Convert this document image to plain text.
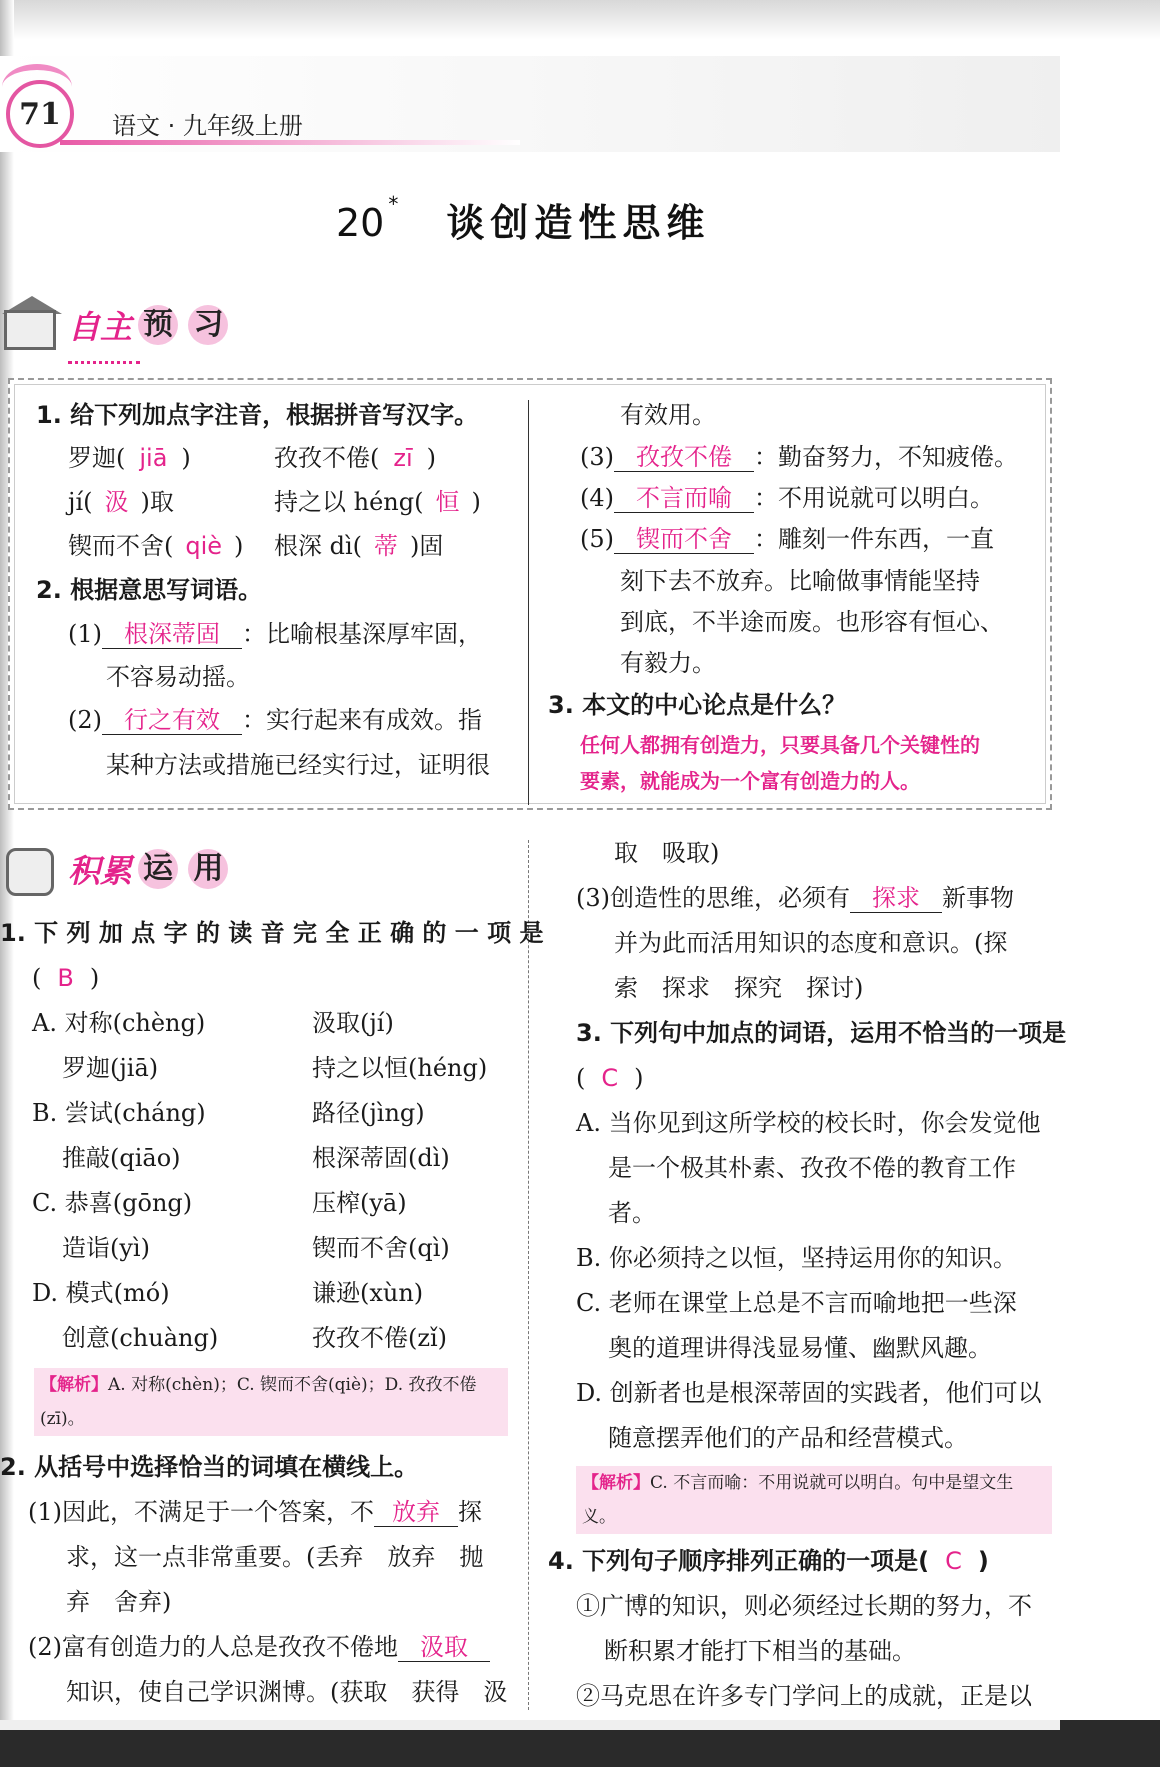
71	语文 · 九年级上册
20 * 谈创造性思维
自主 预 习
1. 给下列加点字注音，根据拼音写汉字。
罗迦( jiā )	孜孜不倦( zī )
jí( 汲 )取	持之以 héng( 恒 )
锲而不舍( qiè ) 根深 dì( 蒂 )固
2. 根据意思写词语。
(1) 根深蒂固 ：比喻根基深厚牢固，
不容易动摇。
(2) 行之有效 ：实行起来有成效。指
某种方法或措施已经实行过，证明很
有效用。
(3) 孜孜不倦 ：勤奋努力，不知疲倦。
(4) 不言而喻 ：不用说就可以明白。
(5) 锲而不舍 ：雕刻一件东西，一直
刻下去不放弃。比喻做事情能坚持
到底，不半途而废。也形容有恒心、
有毅力。
3. 本文的中心论点是什么？
任何人都拥有创造力，只要具备几个关键性的
要素，就能成为一个富有创造力的人。
积累 运 用
1. 下 列 加 点 字 的 读 音 完 全 正 确 的 一 项 是
( B )
A. 对称(chèng)	汲取(jí)
罗迦(jiā)	持之以恒(héng)
B. 尝试(cháng)	路径(jìng)
推敲(qiāo)	根深蒂固(dì)
C. 恭喜(gōng)	压榨(yā)
造诣(yì)	锲而不舍(qì)
D. 模式(mó)	谦逊(xùn)
创意(chuàng)	孜孜不倦(zǐ)
【解析】A. 对称(chèn)；C. 锲而不舍(qiè)；D. 孜孜不倦
(zī)。
2. 从括号中选择恰当的词填在横线上。
(1)因此，不满足于一个答案，不 放弃 探
求，这一点非常重要。(丢弃　放弃　抛
弃　舍弃)
(2)富有创造力的人总是孜孜不倦地 汲取
知识，使自己学识渊博。(获取　获得　汲
取　吸取)
(3)创造性的思维，必须有 探求 新事物
并为此而活用知识的态度和意识。(探
索　探求　探究　探讨)
3. 下列句中加点的词语，运用不恰当的一项是
( C )
A. 当你见到这所学校的校长时，你会发觉他
是一个极其朴素、孜孜不倦的教育工作
者。
B. 你必须持之以恒，坚持运用你的知识。
C. 老师在课堂上总是不言而喻地把一些深
奥的道理讲得浅显易懂、幽默风趣。
D. 创新者也是根深蒂固的实践者，他们可以
随意摆弄他们的产品和经营模式。
【解析】C. 不言而喻：不用说就可以明白。句中是望文生
义。
4. 下列句子顺序排列正确的一项是( C )
①广博的知识，则必须经过长期的努力，不
断积累才能打下相当的基础。
②马克思在许多专门学问上的成就，正是以
